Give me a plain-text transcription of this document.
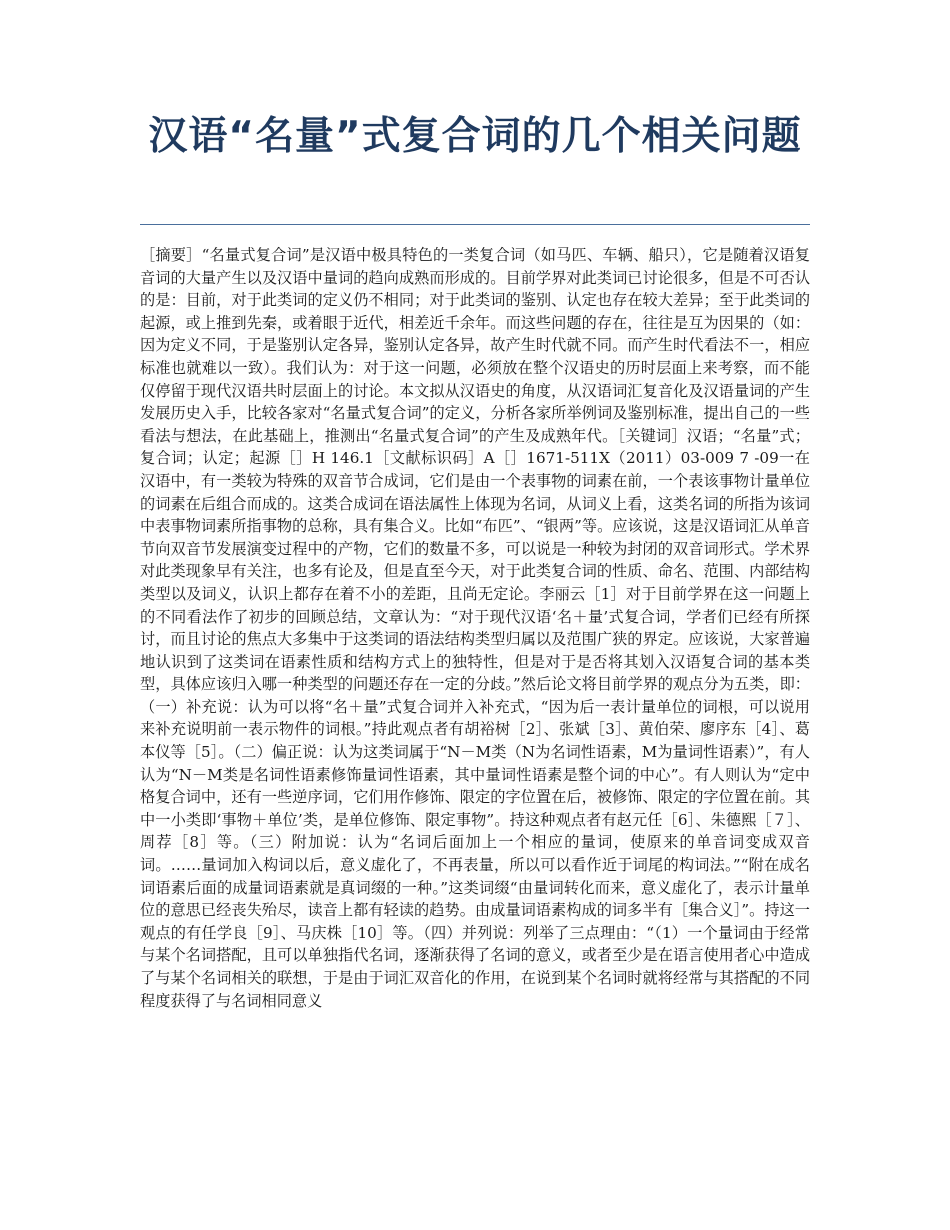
汉语“名量”式复合词的几个相关问题

［摘要］“名量式复合词”是汉语中极具特色的一类复合词（如马匹、车辆、船只），它是随着汉语复音词的大量产生以及汉语中量词的趋向成熟而形成的。目前学界对此类词已讨论很多，但是不可否认的是：目前，对于此类词的定义仍不相同；对于此类词的鉴别、认定也存在较大差异；至于此类词的起源，或上推到先秦，或着眼于近代，相差近千余年。而这些问题的存在，往往是互为因果的（如：因为定义不同，于是鉴别认定各异，鉴别认定各异，故产生时代就不同。而产生时代看法不一，相应标准也就难以一致）。我们认为：对于这一问题，必须放在整个汉语史的历时层面上来考察，而不能仅停留于现代汉语共时层面上的讨论。本文拟从汉语史的角度，从汉语词汇复音化及汉语量词的产生发展历史入手，比较各家对“名量式复合词”的定义，分析各家所举例词及鉴别标准，提出自己的一些看法与想法，在此基础上，推测出“名量式复合词”的产生及成熟年代。［关键词］汉语；“名量”式；复合词；认定；起源［］H 146.1［文献标识码］A［］1671-511X（2011）03-009 7 -09一在汉语中，有一类较为特殊的双音节合成词，它们是由一个表事物的词素在前，一个表该事物计量单位的词素在后组合而成的。这类合成词在语法属性上体现为名词，从词义上看，这类名词的所指为该词中表事物词素所指事物的总称，具有集合义。比如“布匹”、“银两”等。应该说，这是汉语词汇从单音节向双音节发展演变过程中的产物，它们的数量不多，可以说是一种较为封闭的双音词形式。学术界对此类现象早有关注，也多有论及，但是直至今天，对于此类复合词的性质、命名、范围、内部结构类型以及词义，认识上都存在着不小的差距，且尚无定论。李丽云［1］对于目前学界在这一问题上的不同看法作了初步的回顾总结，文章认为：“对于现代汉语‘名＋量’式复合词，学者们已经有所探讨，而且讨论的焦点大多集中于这类词的语法结构类型归属以及范围广狭的界定。应该说，大家普遍地认识到了这类词在语素性质和结构方式上的独特性，但是对于是否将其划入汉语复合词的基本类型，具体应该归入哪一种类型的问题还存在一定的分歧。”然后论文将目前学界的观点分为五类，即：（一）补充说：认为可以将“名＋量”式复合词并入补充式，“因为后一表计量单位的词根，可以说用来补充说明前一表示物件的词根。”持此观点者有胡裕树［2］、张斌［3］、黄伯荣、廖序东［4］、葛本仪等［5］。（二）偏正说：认为这类词属于“N－M类（N为名词性语素，M为量词性语素）”，有人认为“N－M类是名词性语素修饰量词性语素，其中量词性语素是整个词的中心”。有人则认为“定中格复合词中，还有一些逆序词，它们用作修饰、限定的字位置在后，被修饰、限定的字位置在前。其中一小类即‘事物＋单位’类，是单位修饰、限定事物”。持这种观点者有赵元任［6］、朱德熙［７］、周荐［8］等。（三）附加说：认为“名词后面加上一个相应的量词，使原来的单音词变成双音词。……量词加入构词以后，意义虚化了，不再表量，所以可以看作近于词尾的构词法。”“附在成名词语素后面的成量词语素就是真词缀的一种。”这类词缀“由量词转化而来，意义虚化了，表示计量单位的意思已经丧失殆尽，读音上都有轻读的趋势。由成量词语素构成的词多半有［集合义］”。持这一观点的有任学良［9］、马庆株［10］等。（四）并列说：列举了三点理由：“（1）一个量词由于经常与某个名词搭配，且可以单独指代名词，逐渐获得了名词的意义，或者至少是在语言使用者心中造成了与某个名词相关的联想，于是由于词汇双音化的作用，在说到某个名词时就将经常与其搭配的不同程度获得了与名词相同意义
